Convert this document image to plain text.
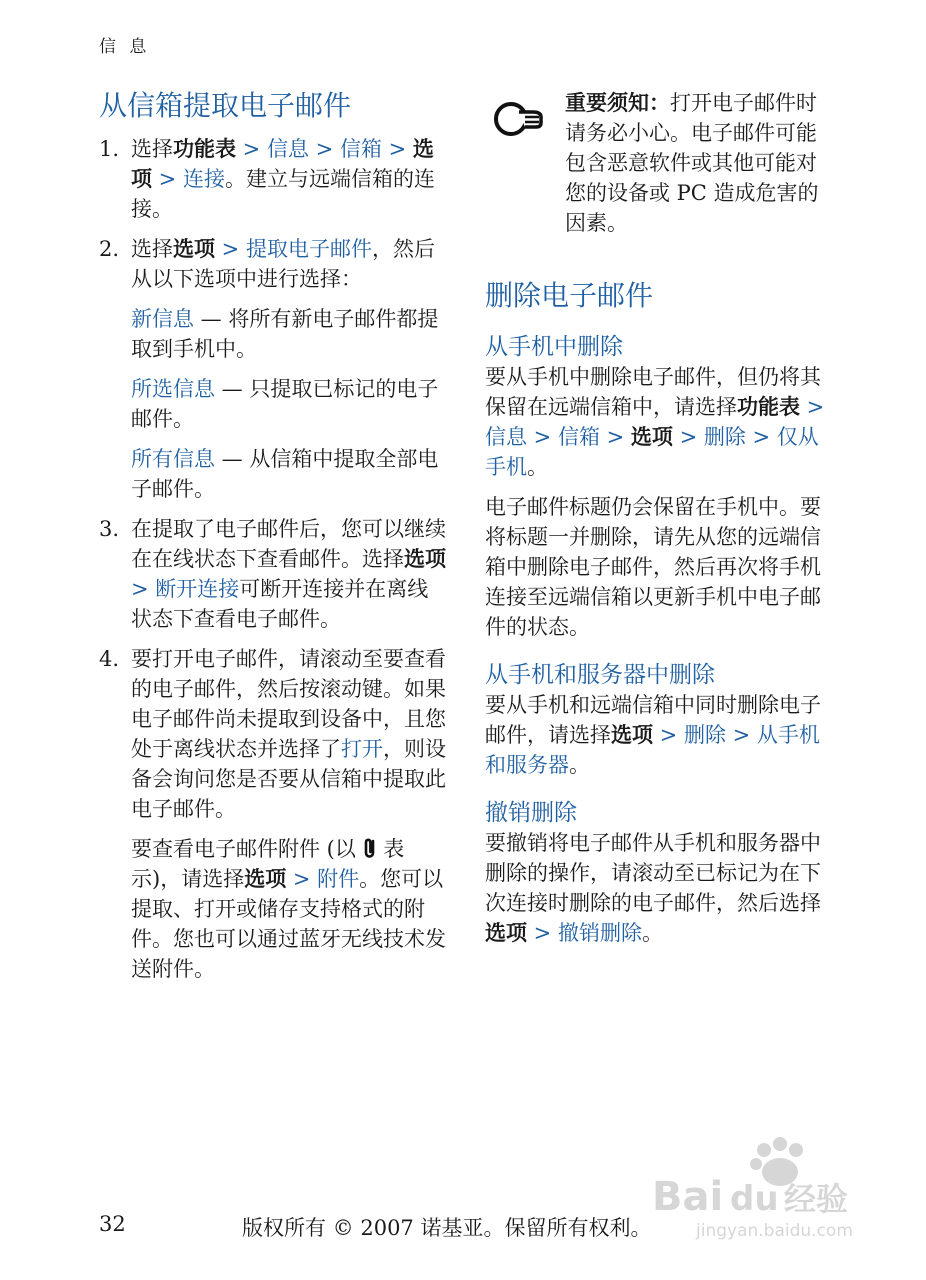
信 息
从信箱提取电子邮件
1. 选择功能表 > 信息 > 信箱 > 选项 > 连接。建立与远端信箱的连接。
2. 选择选项 > 提取电子邮件，然后从以下选项中进行选择：
新信息 — 将所有新电子邮件都提取到手机中。
所选信息 — 只提取已标记的电子邮件。
所有信息 — 从信箱中提取全部电子邮件。
3. 在提取了电子邮件后，您可以继续在在线状态下查看邮件。选择选项 > 断开连接可断开连接并在离线状态下查看电子邮件。
4. 要打开电子邮件，请滚动至要查看的电子邮件，然后按滚动键。如果电子邮件尚未提取到设备中，且您处于离线状态并选择了打开，则设备会询问您是否要从信箱中提取此电子邮件。
要查看电子邮件附件 (以  表示)，请选择选项 > 附件。您可以提取、打开或储存支持格式的附件。您也可以通过蓝牙无线技术发送附件。
重要须知：打开电子邮件时请务必小心。电子邮件可能包含恶意软件或其他可能对您的设备或 PC 造成危害的因素。
删除电子邮件
从手机中删除
要从手机中删除电子邮件，但仍将其保留在远端信箱中，请选择功能表 > 信息 > 信箱 > 选项 > 删除 > 仅从手机。
电子邮件标题仍会保留在手机中。要将标题一并删除，请先从您的远端信箱中删除电子邮件，然后再次将手机连接至远端信箱以更新手机中电子邮件的状态。
从手机和服务器中删除
要从手机和远端信箱中同时删除电子邮件，请选择选项 > 删除 > 从手机和服务器。
撤销删除
要撤销将电子邮件从手机和服务器中删除的操作，请滚动至已标记为在下次连接时删除的电子邮件，然后选择选项 > 撤销删除。
Bai du 经验
jingyan.baidu.com
32	版权所有 © 2007 诺基亚。保留所有权利。
